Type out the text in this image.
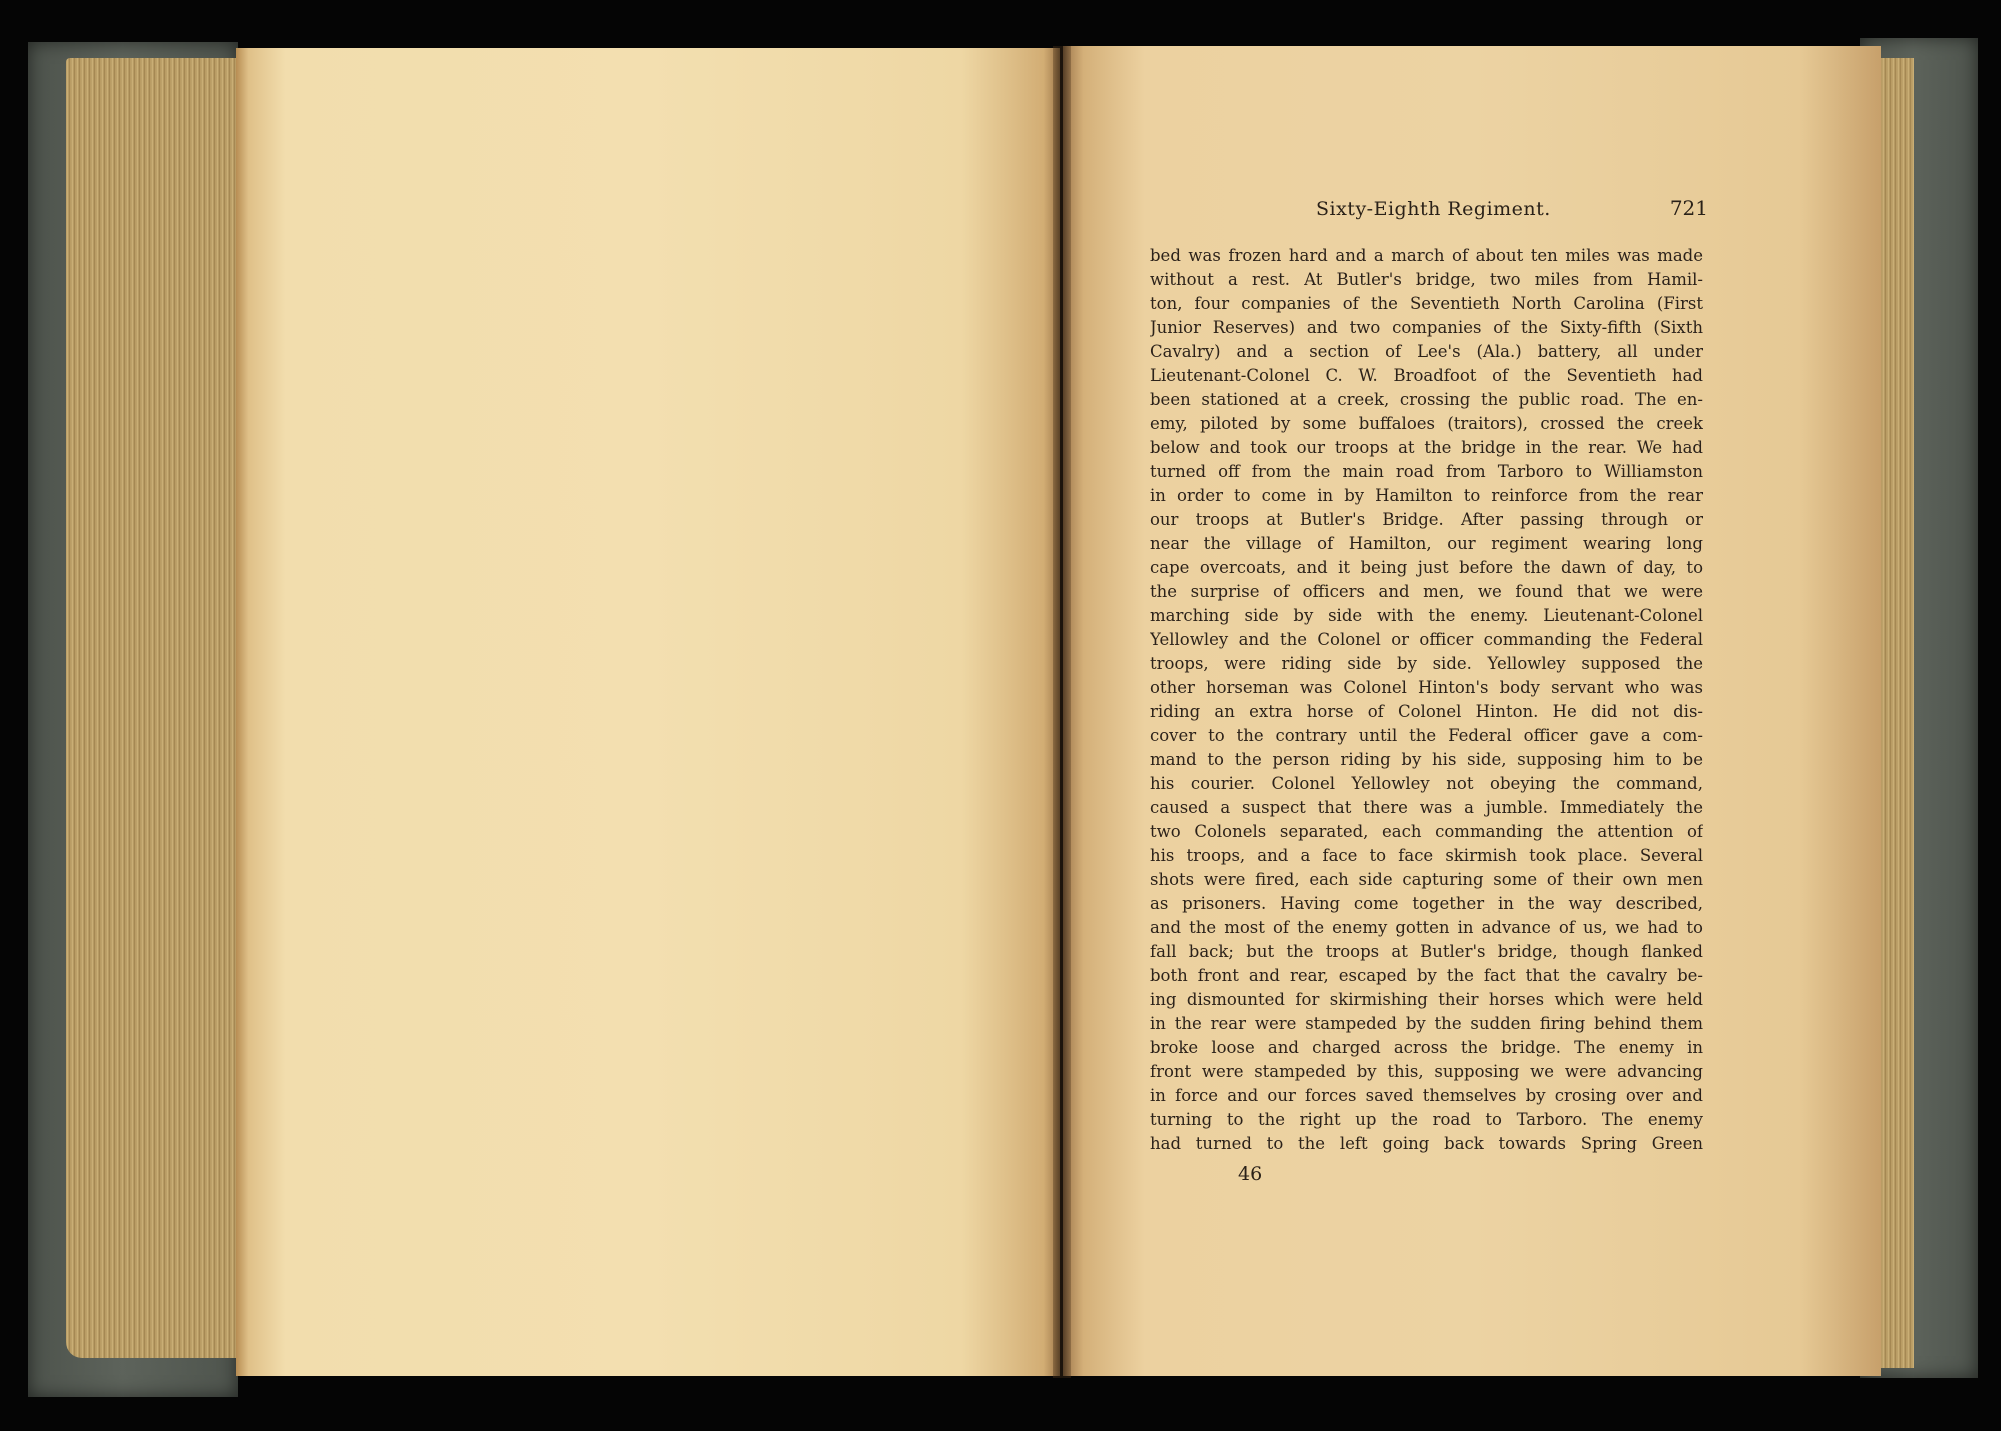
Sixty-Eighth Regiment.	721
bed was frozen hard and a march of about ten miles was made
without a rest. At Butler's bridge, two miles from Hamil-
ton, four companies of the Seventieth North Carolina (First
Junior Reserves) and two companies of the Sixty-fifth (Sixth
Cavalry) and a section of Lee's (Ala.) battery, all under
Lieutenant-Colonel C. W. Broadfoot of the Seventieth had
been stationed at a creek, crossing the public road. The en-
emy, piloted by some buffaloes (traitors), crossed the creek
below and took our troops at the bridge in the rear. We had
turned off from the main road from Tarboro to Williamston
in order to come in by Hamilton to reinforce from the rear
our troops at Butler's Bridge. After passing through or
near the village of Hamilton, our regiment wearing long
cape overcoats, and it being just before the dawn of day, to
the surprise of officers and men, we found that we were
marching side by side with the enemy. Lieutenant-Colonel
Yellowley and the Colonel or officer commanding the Federal
troops, were riding side by side. Yellowley supposed the
other horseman was Colonel Hinton's body servant who was
riding an extra horse of Colonel Hinton. He did not dis-
cover to the contrary until the Federal officer gave a com-
mand to the person riding by his side, supposing him to be
his courier. Colonel Yellowley not obeying the command,
caused a suspect that there was a jumble. Immediately the
two Colonels separated, each commanding the attention of
his troops, and a face to face skirmish took place. Several
shots were fired, each side capturing some of their own men
as prisoners. Having come together in the way described,
and the most of the enemy gotten in advance of us, we had to
fall back; but the troops at Butler's bridge, though flanked
both front and rear, escaped by the fact that the cavalry be-
ing dismounted for skirmishing their horses which were held
in the rear were stampeded by the sudden firing behind them
broke loose and charged across the bridge. The enemy in
front were stampeded by this, supposing we were advancing
in force and our forces saved themselves by crosing over and
turning to the right up the road to Tarboro. The enemy
had turned to the left going back towards Spring Green
46
